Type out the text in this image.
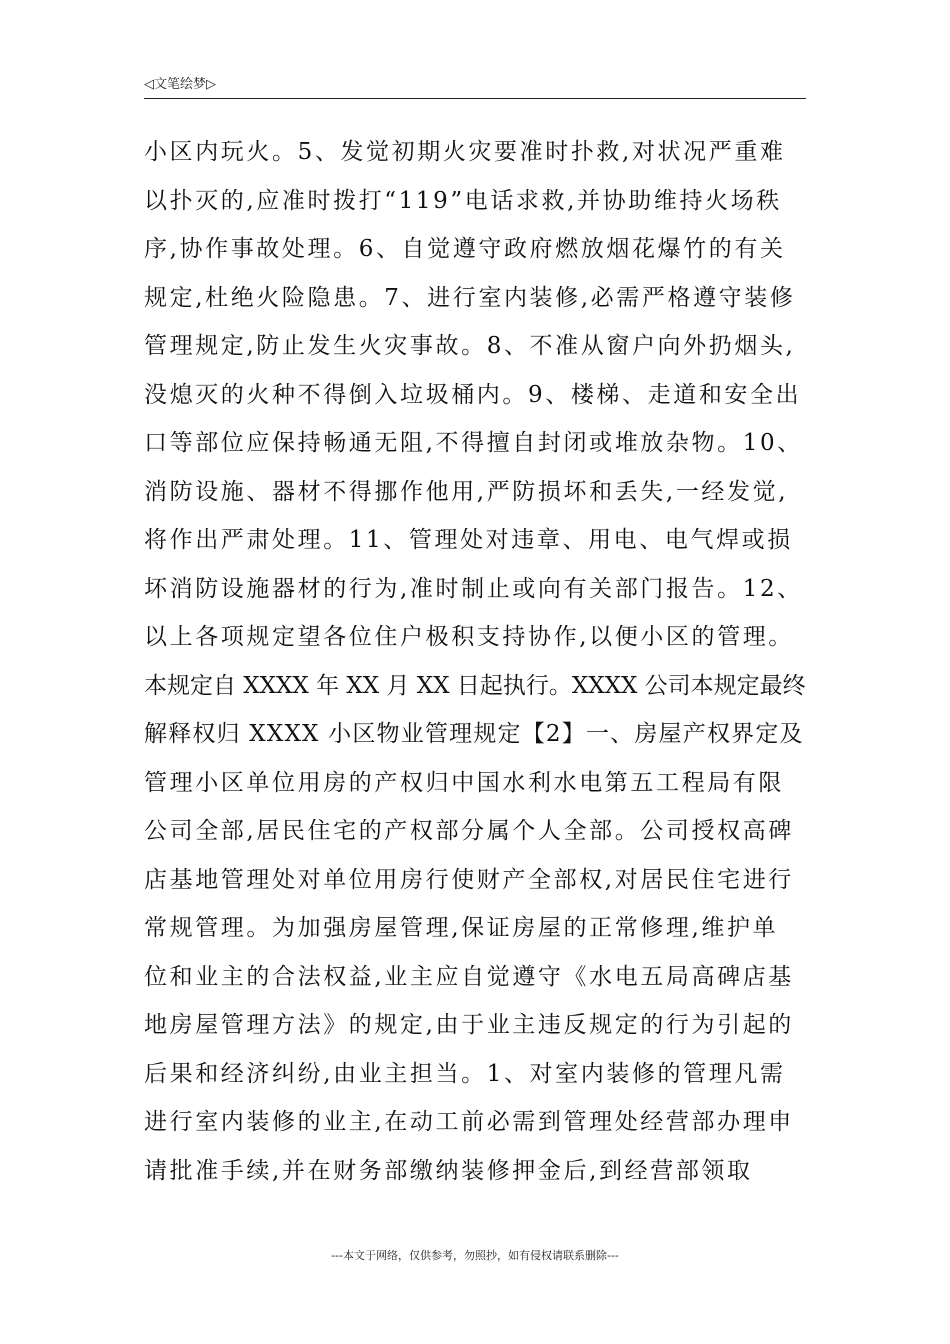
◁文笔绘梦▷
小区内玩火。5、发觉初期火灾要准时扑救,对状况严重难
以扑灭的,应准时拨打“119”电话求救,并协助维持火场秩
序,协作事故处理。6、自觉遵守政府燃放烟花爆竹的有关
规定,杜绝火险隐患。7、进行室内装修,必需严格遵守装修
管理规定,防止发生火灾事故。8、不准从窗户向外扔烟头,
没熄灭的火种不得倒入垃圾桶内。9、楼梯、走道和安全出
口等部位应保持畅通无阻,不得擅自封闭或堆放杂物。10、
消防设施、器材不得挪作他用,严防损坏和丢失,一经发觉,
将作出严肃处理。11、管理处对违章、用电、电气焊或损
坏消防设施器材的行为,准时制止或向有关部门报告。12、
以上各项规定望各位住户极积支持协作,以便小区的管理。
本规定自 XXXX 年 XX 月 XX 日起执行。XXXX 公司本规定最终
解释权归 XXXX 小区物业管理规定【2】一、房屋产权界定及
管理小区单位用房的产权归中国水利水电第五工程局有限
公司全部,居民住宅的产权部分属个人全部。公司授权高碑
店基地管理处对单位用房行使财产全部权,对居民住宅进行
常规管理。为加强房屋管理,保证房屋的正常修理,维护单
位和业主的合法权益,业主应自觉遵守《水电五局高碑店基
地房屋管理方法》的规定,由于业主违反规定的行为引起的
后果和经济纠纷,由业主担当。1、对室内装修的管理凡需
进行室内装修的业主,在动工前必需到管理处经营部办理申
请批准手续,并在财务部缴纳装修押金后,到经营部领取
---本文于网络，仅供参考，勿照抄，如有侵权请联系删除---
